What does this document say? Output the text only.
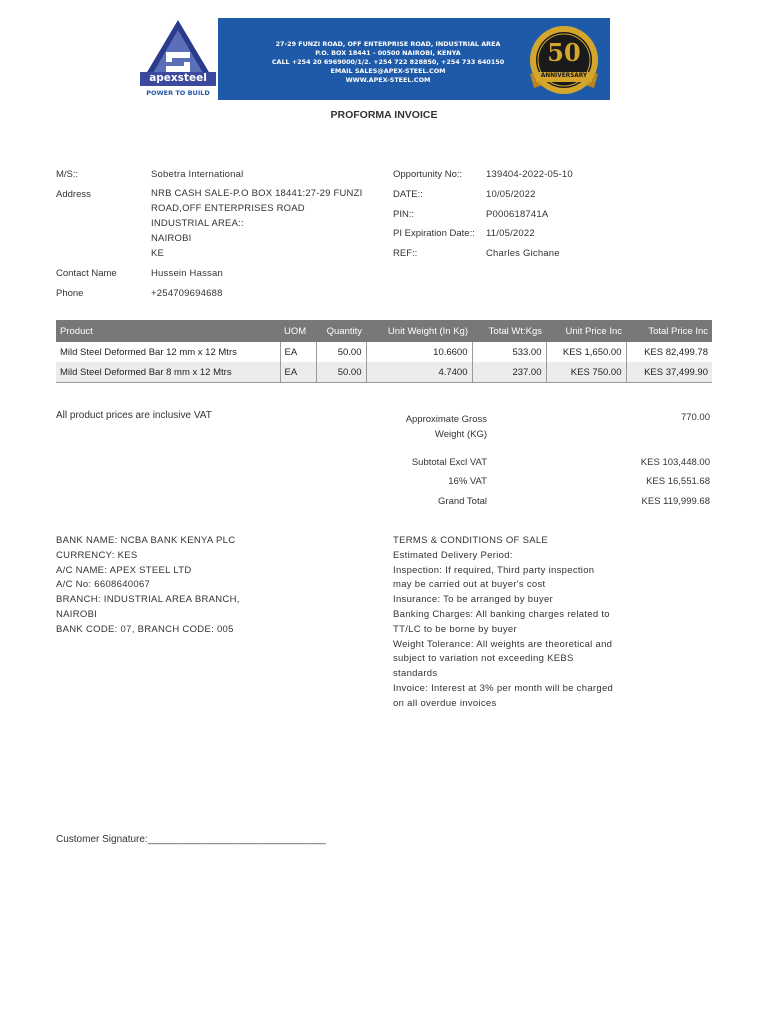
apexsteel
POWER TO BUILD
27-29 FUNZI ROAD, OFF ENTERPRISE ROAD, INDUSTRIAL AREA
P.O. BOX 18441 - 00500 NAIROBI, KENYA
CALL +254 20 6969000/1/2. +254 722 828850, +254 733 640150
EMAIL SALES@APEX-STEEL.COM
WWW.APEX-STEEL.COM
50
ANNIVERSARY
PROFORMA INVOICE
M/S::	Sobetra International
Address	NRB CASH SALE-P.O BOX 18441:27-29 FUNZI
ROAD,OFF ENTERPRISES ROAD
INDUSTRIAL AREA::
NAIROBI
KE
Contact Name	Hussein Hassan
Phone	+254709694688
Opportunity No::	139404-2022-05-10
DATE::	10/05/2022
PIN::	P000618741A
PI Expiration Date:: 11/05/2022
REF::	Charles Gichane
Product	UOM	Quantity	Unit Weight (In Kg)	Total Wt:Kgs	Unit Price Inc	Total Price Inc
Mild Steel Deformed Bar 12 mm x 12 Mtrs	EA	50.00	10.6600	533.00	KES 1,650.00	KES 82,499.78
Mild Steel Deformed Bar 8 mm x 12 Mtrs	EA	50.00	4.7400	237.00	KES 750.00	KES 37,499.90
All product prices are inclusive VAT	Approximate Gross
Weight (KG)
770.00
Subtotal Excl VAT	KES 103,448.00
16% VAT	KES 16,551.68
Grand Total	KES 119,999.68
BANK NAME: NCBA BANK KENYA PLC
CURRENCY: KES
A/C NAME: APEX STEEL LTD
A/C No: 6608640067
BRANCH: INDUSTRIAL AREA BRANCH,
NAIROBI
BANK CODE: 07, BRANCH CODE: 005
TERMS & CONDITIONS OF SALE
Estimated Delivery Period:
Inspection: If required, Third party inspection
may be carried out at buyer's cost
Insurance: To be arranged by buyer
Banking Charges: All banking charges related to
TT/LC to be borne by buyer
Weight Tolerance: All weights are theoretical and
subject to variation not exceeding KEBS
standards
Invoice: Interest at 3% per month will be charged
on all overdue invoices
Customer Signature:________________________________
